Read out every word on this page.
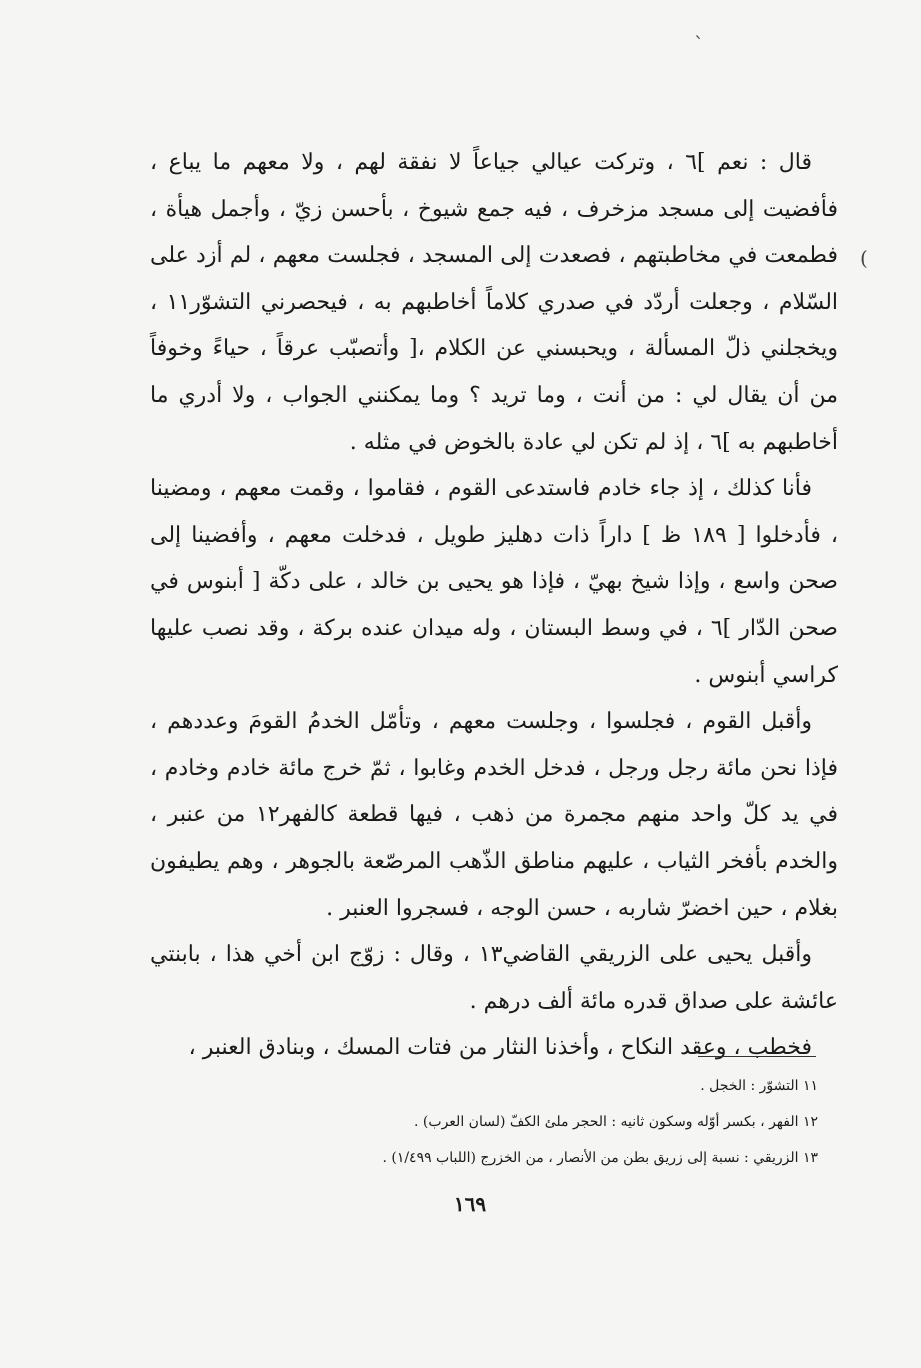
`
(

قال : نعم ]٦ ، وتركت عيالي جياعاً لا نفقة لهم ، ولا معهم ما يباع ، فأفضيت إلى مسجد مزخرف ، فيه جمع شيوخ ، بأحسن زيّ ، وأجمل هيأة ، فطمعت في مخاطبتهم ، فصعدت إلى المسجد ، فجلست معهم ، لم أزد على السّلام ، وجعلت أردّد في صدري كلاماً أخاطبهم به ، فيحصرني التشوّر١١ ، ويخجلني ذلّ المسألة ، ويحبسني عن الكلام ،[ وأتصبّب عرقاً ، حياءً وخوفاً من أن يقال لي : من أنت ، وما تريد ؟ وما يمكنني الجواب ، ولا أدري ما أخاطبهم به ]٦ ، إذ لم تكن لي عادة بالخوض في مثله .

فأنا كذلك ، إذ جاء خادم فاستدعى القوم ، فقاموا ، وقمت معهم ، ومضينا ، فأدخلوا [ ١٨٩ ظ ] داراً ذات دهليز طويل ، فدخلت معهم ، وأفضينا إلى صحن واسع ، وإذا شيخ بهيّ ، فإذا هو يحيى بن خالد ، على دكّة [ أبنوس في صحن الدّار ]٦ ، في وسط البستان ، وله ميدان عنده بركة ، وقد نصب عليها كراسي أبنوس .

وأقبل القوم ، فجلسوا ، وجلست معهم ، وتأمّل الخدمُ القومَ وعددهم ، فإذا نحن مائة رجل ورجل ، فدخل الخدم وغابوا ، ثمّ خرج مائة خادم وخادم ، في يد كلّ واحد منهم مجمرة من ذهب ، فيها قطعة كالفهر١٢ من عنبر ، والخدم بأفخر الثياب ، عليهم مناطق الذّهب المرصّعة بالجوهر ، وهم يطيفون بغلام ، حين اخضرّ شاربه ، حسن الوجه ، فسجروا العنبر .

وأقبل يحيى على الزريقي القاضي١٣ ، وقال : زوّج ابن أخي هذا ، بابنتي عائشة على صداق قدره مائة ألف درهم .

فخطب ، وعقد النكاح ، وأخذنا النثار من فتات المسك ، وبنادق العنبر ،

١١ التشوّر : الخجل .
١٢ الفهر ، بكسر أوّله وسكون ثانيه : الحجر ملئ الكفّ (لسان العرب) .
١٣ الزريقي : نسبة إلى زريق بطن من الأنصار ، من الخزرج (اللباب ١/٤٩٩) .
١٦٩
